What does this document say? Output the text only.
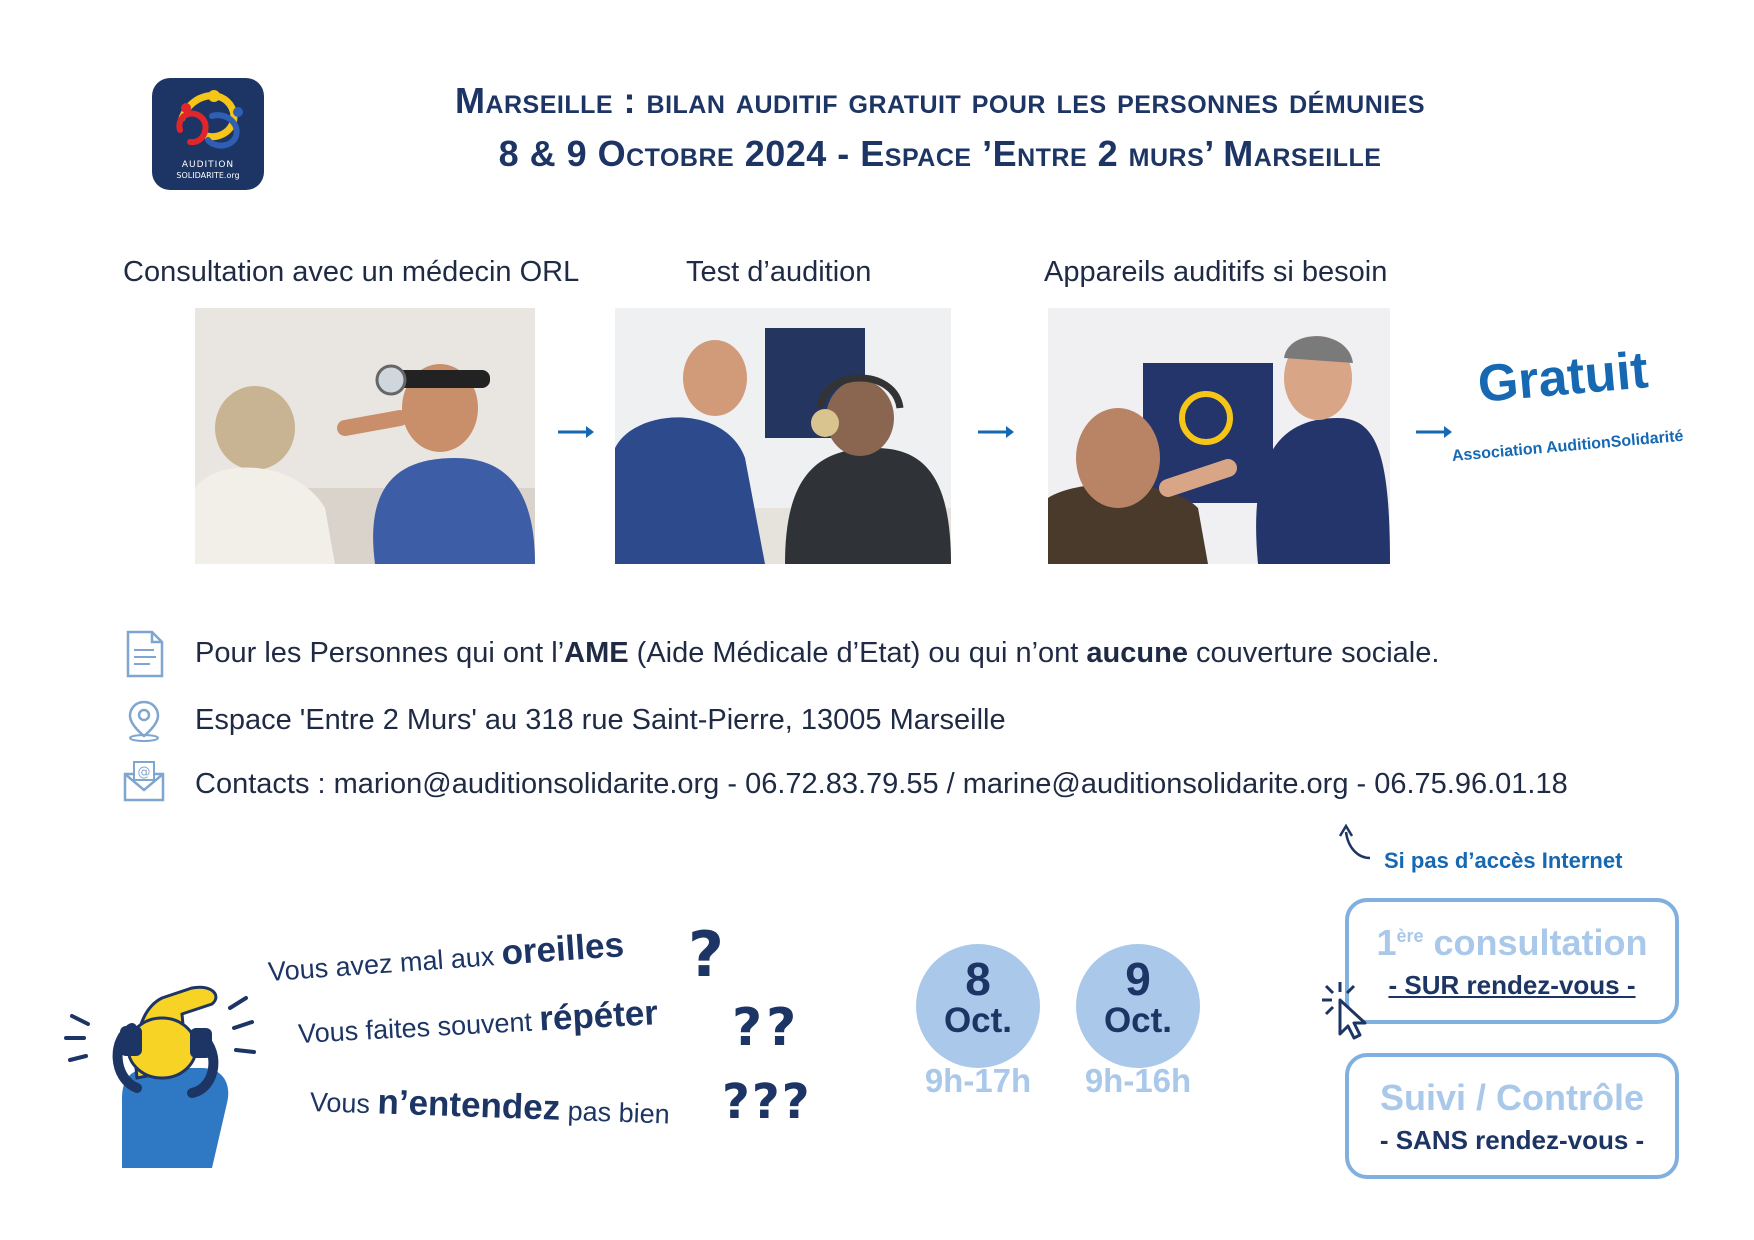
AUDITION
SOLIDARITE.org
Marseille : bilan auditif gratuit pour les personnes démunies
8 & 9 Octobre 2024 - Espace ’Entre 2 murs’ Marseille
Consultation avec un médecin ORL	Test d’audition	Appareils auditifs si besoin
Gratuit
Association AuditionSolidarité
Pour les Personnes qui ont l’AME (Aide Médicale d’Etat) ou qui n’ont aucune couverture sociale.
Espace 'Entre 2 Murs' au 318 rue Saint-Pierre, 13005 Marseille
@ Contacts : marion@auditionsolidarite.org - 06.72.83.79.55 / marine@auditionsolidarite.org - 06.75.96.01.18
Si pas d’accès Internet
Vous avez mal aux oreilles ?
Vous faites souvent répéter ??
Vous n’entendez pas bien ???
8
Oct.
9h-17h
9
Oct.
9h-16h
1ère consultation
- SUR rendez-vous -
Suivi / Contrôle
- SANS rendez-vous -
